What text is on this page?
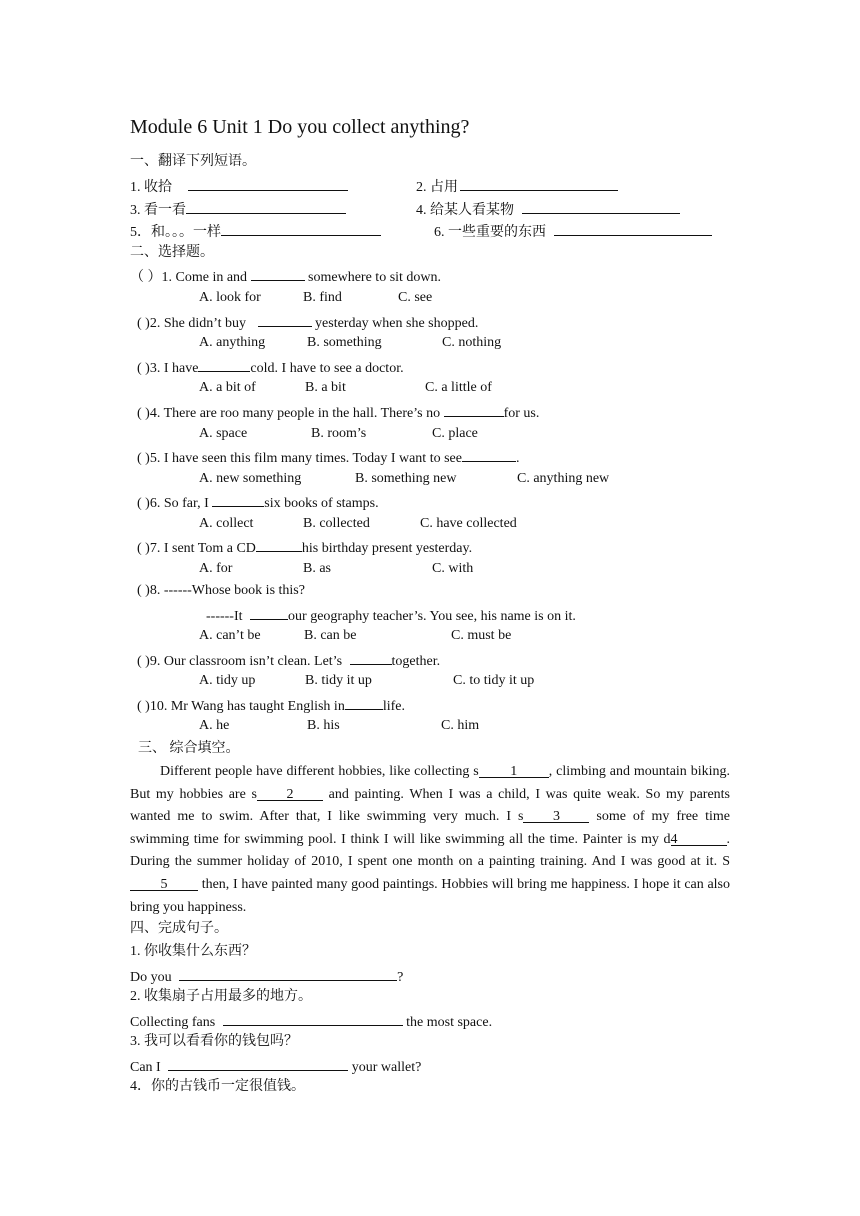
Module 6 Unit 1 Do you collect anything?
一、翻译下列短语。
1. 收拾	2. 占用
3. 看一看	4. 给某人看某物
5．和。。。一样	6. 一些重要的东西
二、选择题。
（ ）1. Come in and	somewhere to sit down.
A. look for	B. find	C. see
( )2. She didn’t buy	yesterday when she shopped.
A. anything	B. something	C. nothing
( )3. I have	cold. I have to see a doctor.
A. a bit of	B. a bit	C. a little of
( )4. There are roo many people in the hall. There’s no	for us.
A. space	B. room’s	C. place
( )5. I have seen this film many times. Today I want to see	.
A. new something	B. something new	C. anything new
( )6. So far, I	six books of stamps.
A. collect	B. collected	C. have collected
( )7. I sent Tom a CD	his birthday present yesterday.
A. for	B. as	C. with
( )8. ------Whose book is this?
------It	our geography teacher’s. You see, his name is on it.
A. can’t be	B. can be	C. must be
( )9. Our classroom isn’t clean. Let’s	together.
A. tidy up	B. tidy it up	C. to tidy it up
( )10. Mr Wang has taught English in	life.
A. he	B. his	C. him
三、 综合填空。
Different people have different hobbies, like collecting s 1 , climbing and mountain biking. But my hobbies are s 2 and painting. When I was a child, I was quite weak. So my parents wanted me to swim. After that, I like swimming very much. I s 3 some of my free time swimming time for swimming pool. I think I will like swimming all the time. Painter is my d4	. During the summer holiday of 2010, I spent one month on a painting training. And I was good at it. S5 then, I have painted many good paintings. Hobbies will bring me happiness. I hope it can also bring you happiness.
四、完成句子。
1. 你收集什么东西？
Do you	?
2. 收集扇子占用最多的地方。
Collecting fans	the most space.
3. 我可以看看你的钱包吗？
Can I	your wallet?
4．你的古钱币一定很值钱。
